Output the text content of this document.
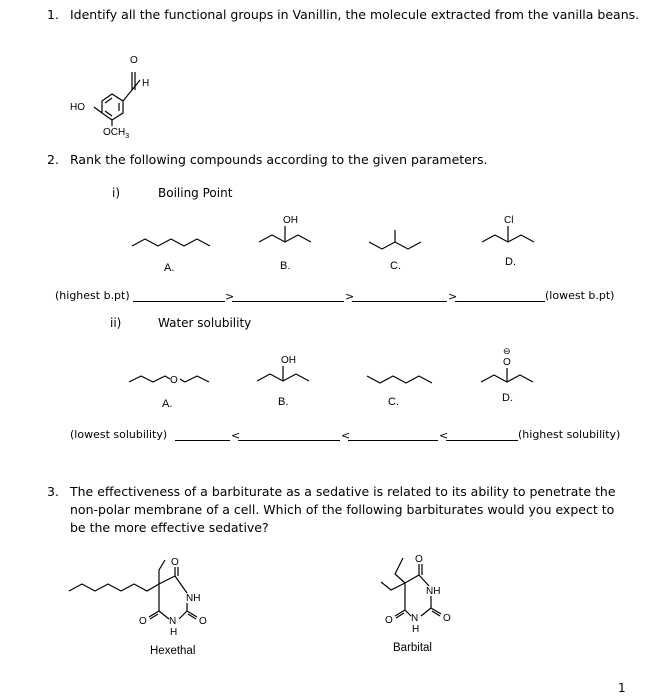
1. Identify all the functional groups in Vanillin, the molecule extracted from the vanilla beans.
O
H
HO
$OCH_3$
2. Rank the following compounds according to the given parameters.
i)	Boiling Point
A.
OH
B.	C.
Cl
D.
(highest b.pt)	>	>	>	(lowest b.pt)
ii)	Water solubility
O
A.
OH
B.	C.
⊖
O
D.
(lowest solubility)	<	<	<	(highest solubility)
3. The effectiveness of a barbiturate as a sedative is related to its ability to penetrate the non-polar membrane of a cell. Which of the following barbiturates would you expect to be the more effective sedative?
O
NH
O
N
H
O
Hexethal
O
NH
O
N
H
O
Barbital
1
